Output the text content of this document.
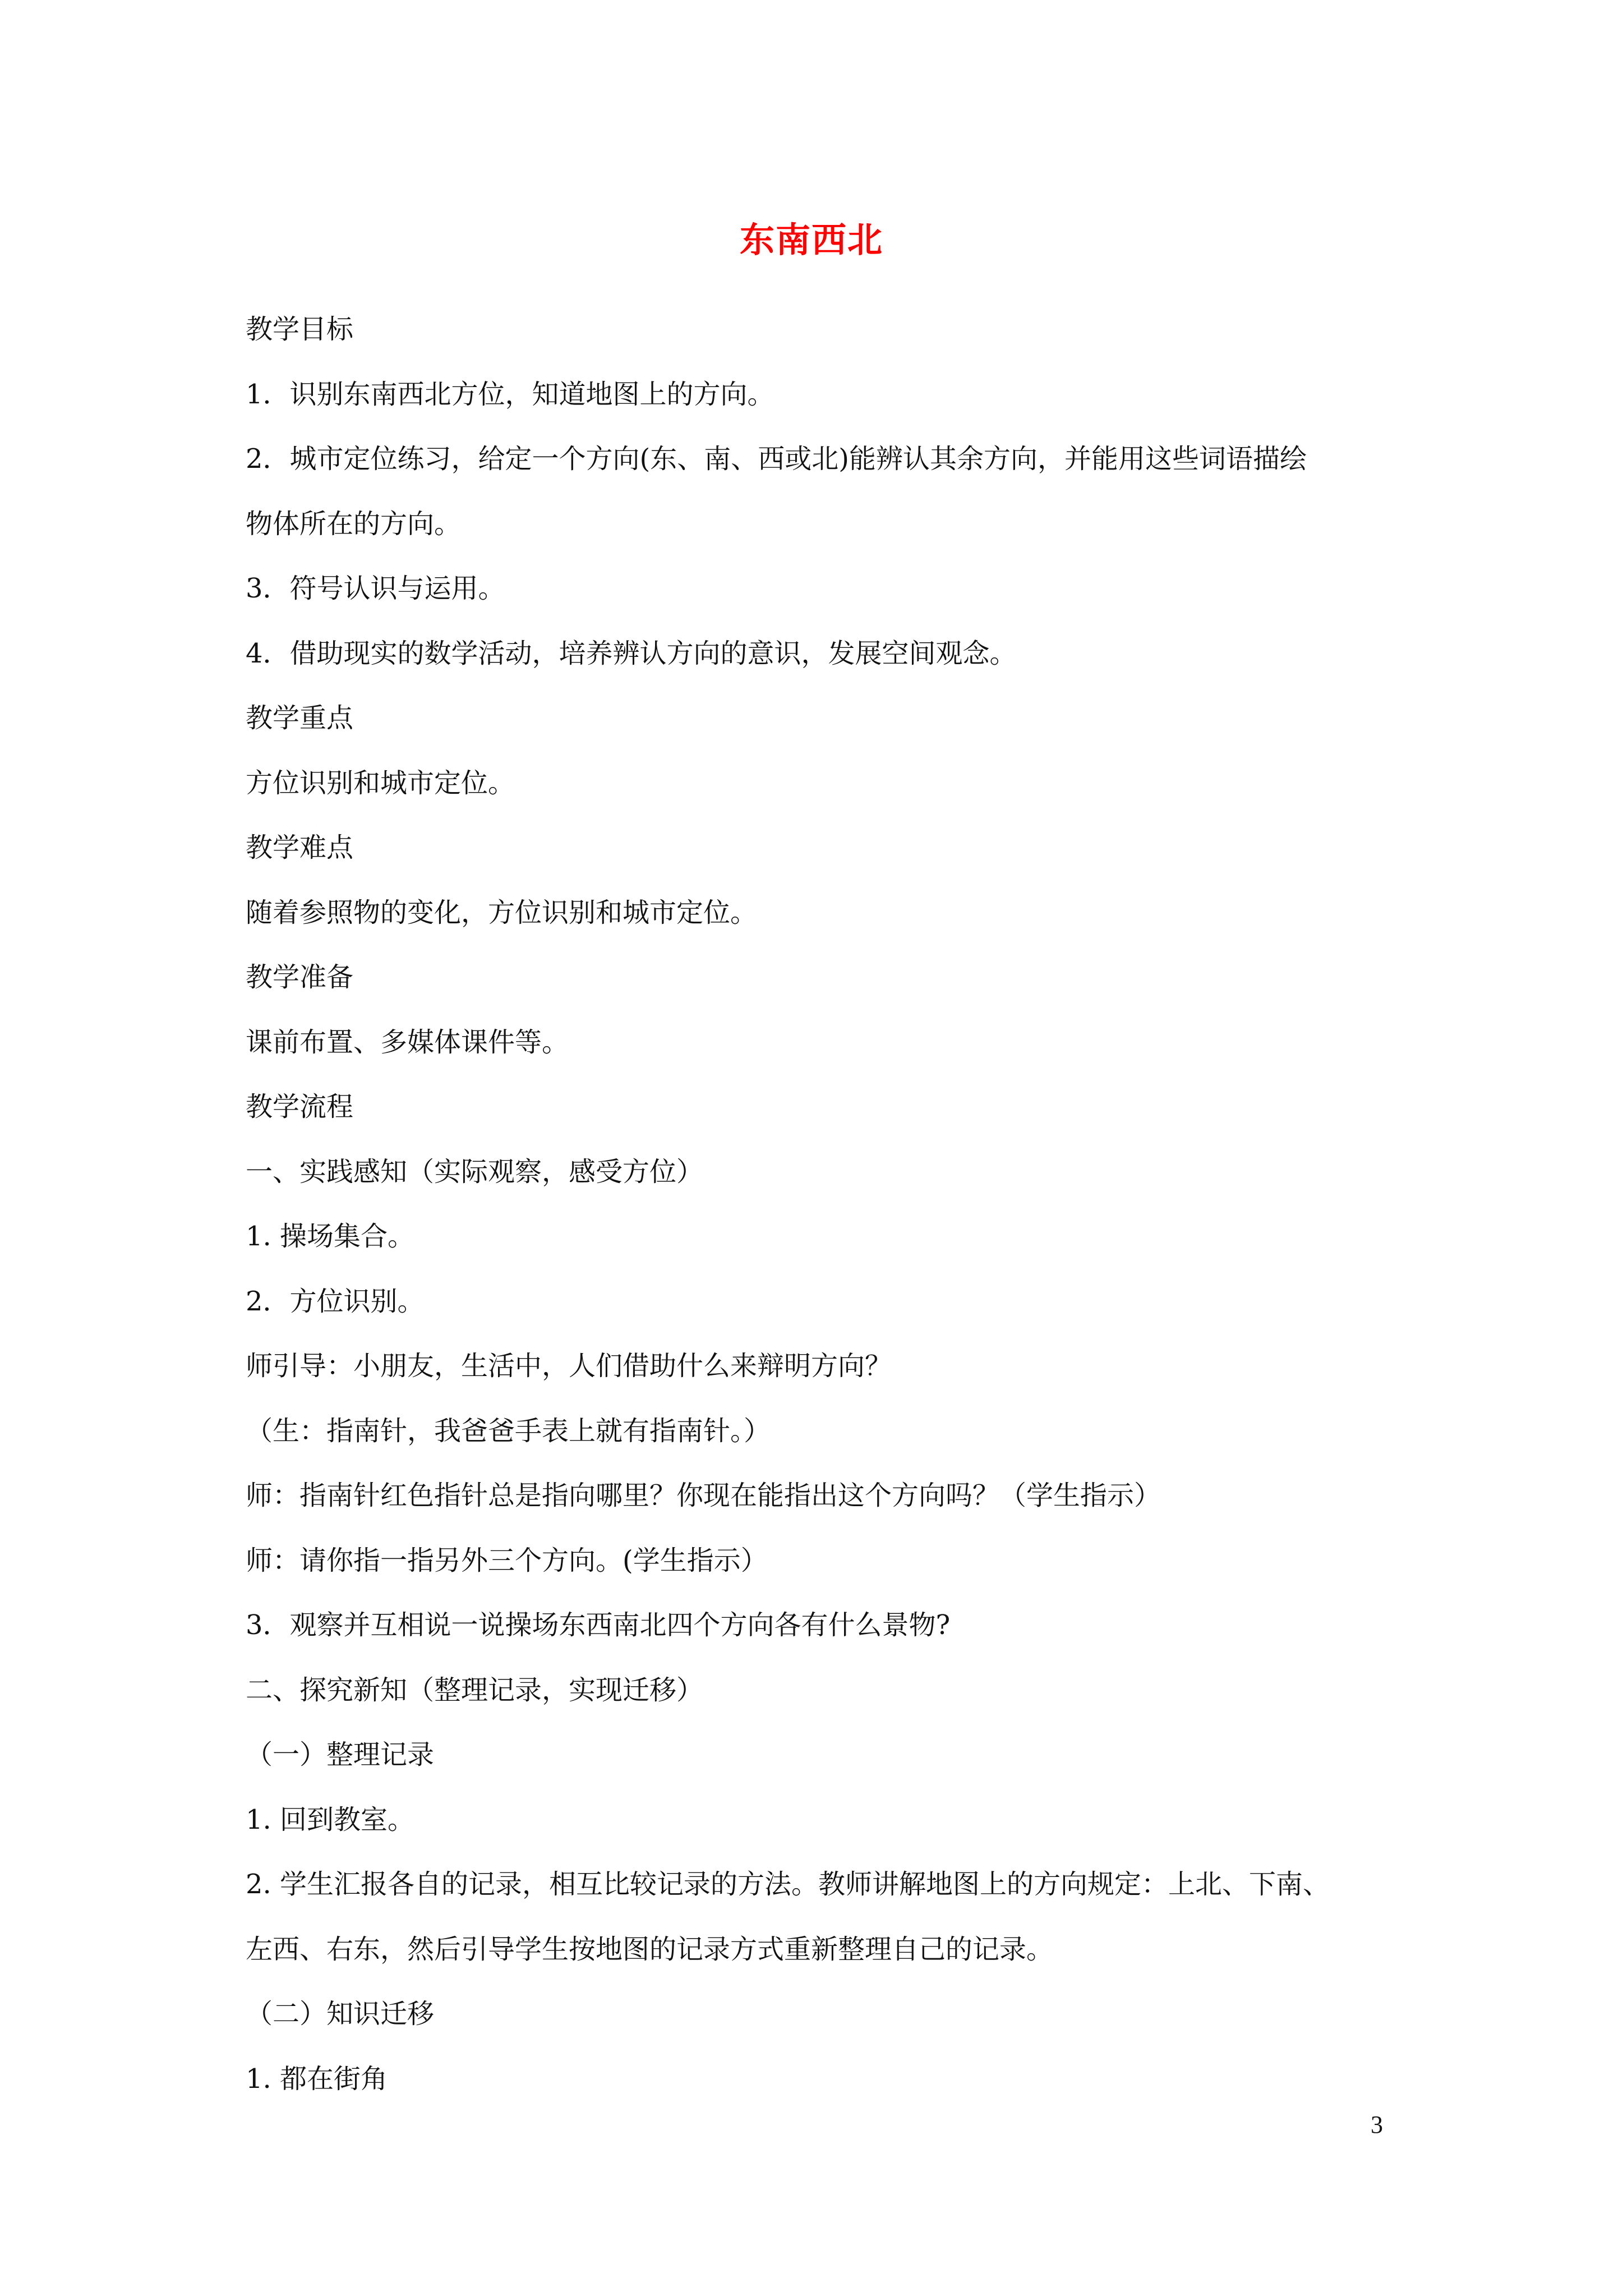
东南西北
教学目标
1．识别东南西北方位，知道地图上的方向。
2．城市定位练习，给定一个方向(东、南、西或北)能辨认其余方向，并能用这些词语描绘
物体所在的方向。
3．符号认识与运用。
4．借助现实的数学活动，培养辨认方向的意识，发展空间观念。
教学重点
方位识别和城市定位。
教学难点
随着参照物的变化，方位识别和城市定位。
教学准备
课前布置、多媒体课件等。
教学流程
一、实践感知（实际观察，感受方位）
1. 操场集合。
2．方位识别。
师引导：小朋友，生活中，人们借助什么来辩明方向？
（生：指南针，我爸爸手表上就有指南针。）
师：指南针红色指针总是指向哪里？你现在能指出这个方向吗？（学生指示）
师：请你指一指另外三个方向。(学生指示）
3．观察并互相说一说操场东西南北四个方向各有什么景物?
二、探究新知（整理记录，实现迁移）
（一）整理记录
1. 回到教室。
2. 学生汇报各自的记录，相互比较记录的方法。教师讲解地图上的方向规定：上北、下南、
左西、右东，然后引导学生按地图的记录方式重新整理自己的记录。
（二）知识迁移
1. 都在街角
3
